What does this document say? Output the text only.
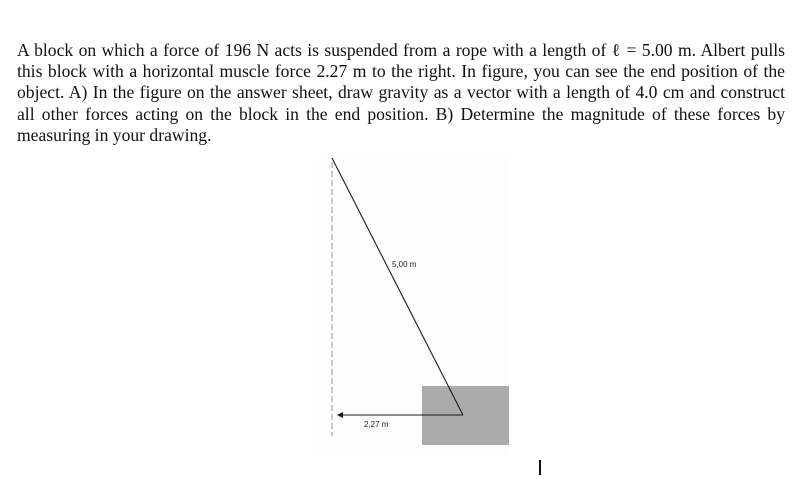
A block on which a force of 196 N acts is suspended from a rope with a length of ℓ = 5.00 m. Albert pulls this block with a horizontal muscle force 2.27 m to the right. In figure, you can see the end position of the object. A) In the figure on the answer sheet, draw gravity as a vector with a length of 4.0 cm and construct all other forces acting on the block in the end position. B) Determine the magnitude of these forces by measuring in your drawing.

5,00 m
2,27 m
